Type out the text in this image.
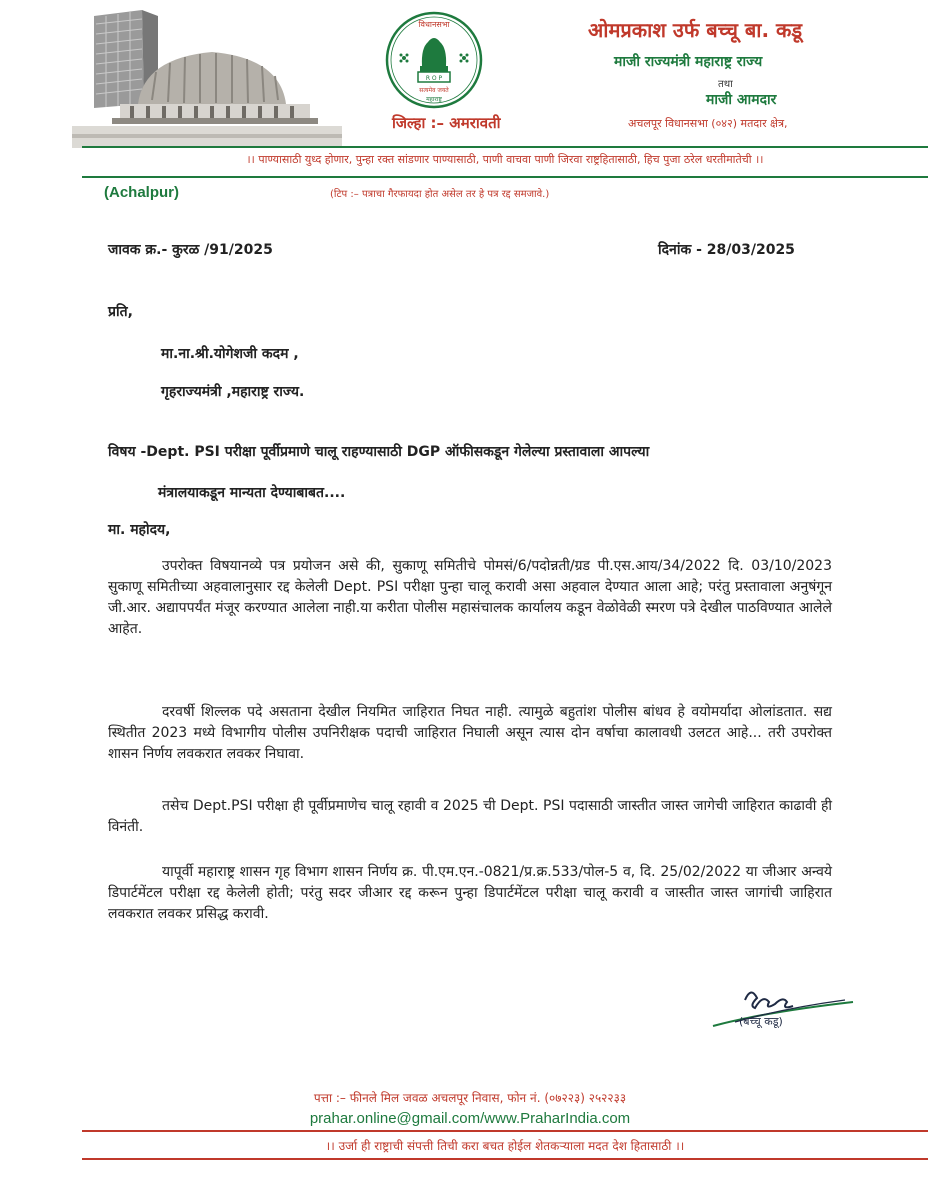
R O P
विधानसभा
सत्यमेव जयते
महाराष्ट्र
जिल्हा :– अमरावती
ओमप्रकाश उर्फ बच्चू बा. कडू
माजी राज्यमंत्री महाराष्ट्र राज्य
तथा
माजी आमदार
अचलपूर विधानसभा (०४२) मतदार क्षेत्र,
।। पाण्यासाठी युध्द होणार, पुन्हा रक्त सांडणार पाण्यासाठी, पाणी वाचवा पाणी जिरवा राष्ट्रहितासाठी, हिच पुजा ठरेल धरतीमातेची ।।
(Achalpur)	(टिप :– पत्राचा गैरफायदा होत असेल तर हे पत्र रद्द समजावे.)
जावक क्र.- कुरळ /91/2025	दिनांक - 28/03/2025
प्रति,
मा.ना.श्री.योगेशजी कदम ,
गृहराज्यमंत्री ,महाराष्ट्र राज्य.
विषय -Dept. PSI परीक्षा पूर्वीप्रमाणे चालू राहण्यासाठी DGP ऑफीसकडून गेलेल्या प्रस्तावाला आपल्या
मंत्रालयाकडून मान्यता देण्याबाबत....
मा. महोदय,
उपरोक्त विषयानव्ये पत्र प्रयोजन असे की, सुकाणू समितीचे पोमसं/6/पदोन्नती/ग्रड पी.एस.आय/34/2022 दि. 03/10/2023 सुकाणू समितीच्या अहवालानुसार रद्द केलेली Dept. PSI परीक्षा पुन्हा चालू करावी असा अहवाल देण्यात आला आहे; परंतु प्रस्तावाला अनुषंगून जी.आर. अद्यापपर्यंत मंजूर करण्यात आलेला नाही.या करीता पोलीस महासंचालक कार्यालय कडून वेळोवेळी स्मरण पत्रे देखील पाठविण्यात आलेले आहेत.
दरवर्षी शिल्लक पदे असताना देखील नियमित जाहिरात निघत नाही. त्यामुळे बहुतांश पोलीस बांधव हे वयोमर्यादा ओलांडतात. सद्य स्थितीत 2023 मध्ये विभागीय पोलीस उपनिरीक्षक पदाची जाहिरात निघाली असून त्यास दोन वर्षाचा कालावधी उलटत आहे... तरी उपरोक्त शासन निर्णय लवकरात लवकर निघावा.
तसेच Dept.PSI परीक्षा ही पूर्वीप्रमाणेच चालू रहावी व 2025 ची Dept. PSI पदासाठी जास्तीत जास्त जागेची जाहिरात काढावी ही विनंती.
यापूर्वी महाराष्ट्र शासन गृह विभाग शासन निर्णय क्र. पी.एम.एन.-0821/प्र.क्र.533/पोल-5 व, दि. 25/02/2022 या जीआर अन्वये डिपार्टमेंटल परीक्षा रद्द केलेली होती; परंतु सदर जीआर रद्द करून पुन्हा डिपार्टमेंटल परीक्षा चालू करावी व जास्तीत जास्त जागांची जाहिरात लवकरात लवकर प्रसिद्ध करावी.
(बच्चू कडू)
पत्ता :– फीनले मिल जवळ अचलपूर निवास, फोन नं. (०७२२३) २५२२३३
prahar.online@gmail.com/www.PraharIndia.com
।। उर्जा ही राष्ट्राची संपत्ती तिची करा बचत होईल शेतकऱ्याला मदत देश हितासाठी ।।
